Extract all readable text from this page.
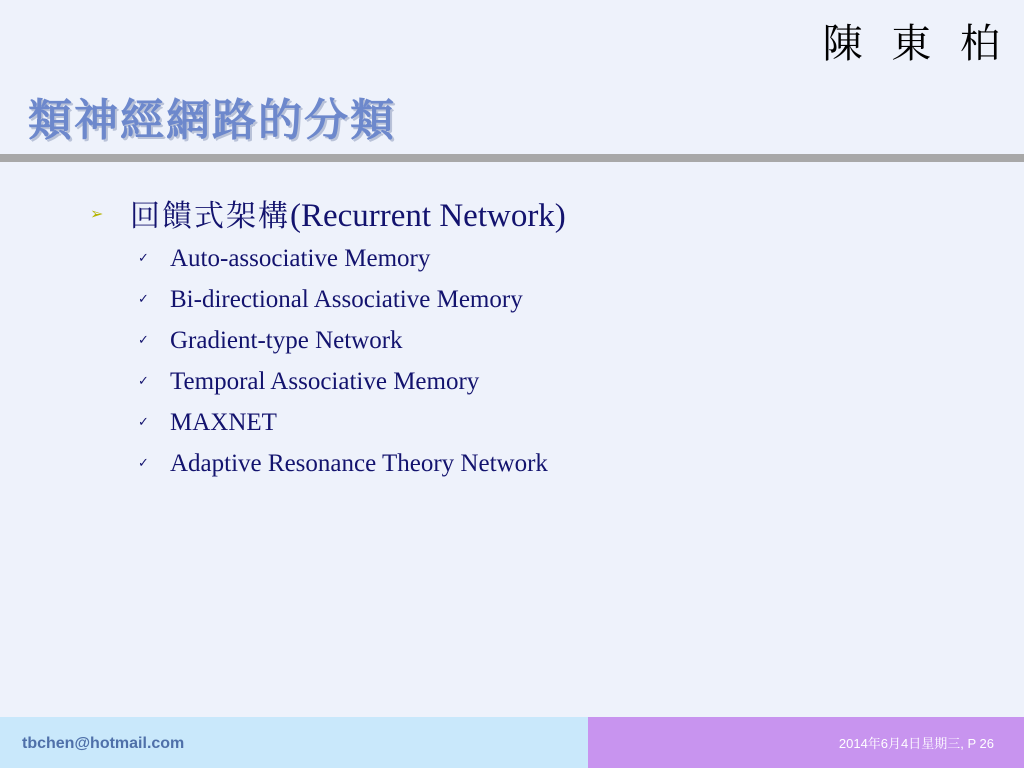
陳 東 柏
類神經網路的分類
➢ 回饋式架構(Recurrent Network)
✓ Auto-associative Memory
✓ Bi-directional Associative Memory
✓ Gradient-type Network
✓ Temporal Associative Memory
✓ MAXNET
✓ Adaptive Resonance Theory Network
tbchen@hotmail.com	2014年6月4日星期三, P 26
